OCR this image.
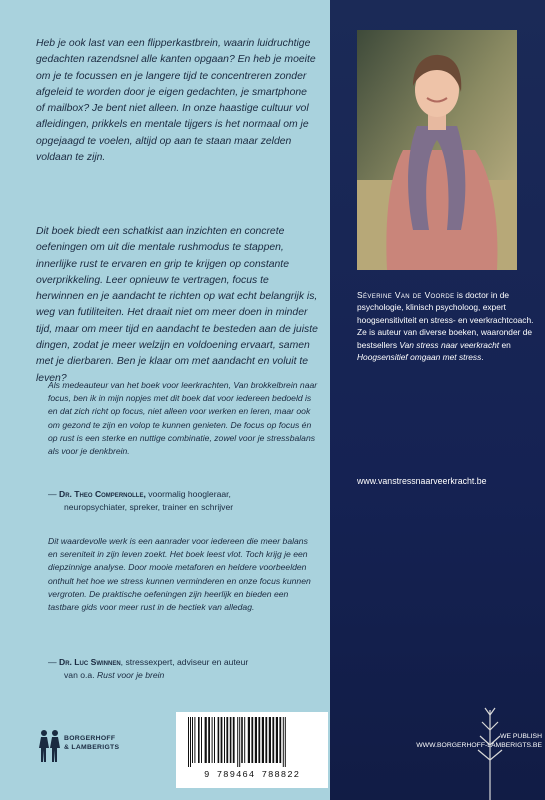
Heb je ook last van een flipperkastbrein, waarin luidruchtige gedachten razendsnel alle kanten opgaan? En heb je moeite om je te focussen en je langere tijd te concentreren zonder afgeleid te worden door je eigen gedachten, je smartphone of mailbox? Je bent niet alleen. In onze haastige cultuur vol afleidingen, prikkels en mentale tijgers is het normaal om je opgejaagd te voelen, altijd op aan te staan maar zelden voldaan te zijn.

Dit boek biedt een schatkist aan inzichten en concrete oefeningen om uit die mentale rushmodus te stappen, innerlijke rust te ervaren en grip te krijgen op constante overprikkeling. Leer opnieuw te vertragen, focus te herwinnen en je aandacht te richten op wat echt belangrijk is, weg van futiliteiten. Het draait niet om meer doen in minder tijd, maar om meer tijd en aandacht te besteden aan de juiste dingen, zodat je meer welzijn en voldoening ervaart, samen met je dierbaren. Ben je klaar om met aandacht en voluit te leven?

Als medeauteur van het boek voor leerkrachten, Van brokkelbrein naar focus, ben ik in mijn nopjes met dit boek dat voor iedereen bedoeld is en dat zich richt op focus, niet alleen voor werken en leren, maar ook om gezond te zijn en volop te kunnen genieten. De focus op focus én op rust is een sterke en nuttige combinatie, zowel voor je stressbalans als voor je denkbrein.

— Dr. Theo Compernolle, voormalig hoogleraar,
neuropsychiater, spreker, trainer en schrijver

Dit waardevolle werk is een aanrader voor iedereen die meer balans en sereniteit in zijn leven zoekt. Het boek leest vlot. Toch krijg je een diepzinnige analyse. Door mooie metaforen en heldere voorbeelden onthult het hoe we stress kunnen verminderen en onze focus kunnen vergroten. De praktische oefeningen zijn heerlijk en bieden een tastbare gids voor meer rust in de hectiek van alledag.

— Dr. Luc Swinnen, stressexpert, adviseur en auteur
van o.a. Rust voor je brein
BORGERHOFF
& LAMBERIGTS
9 789464 788822
Séverine Van de Voorde is doctor in de psychologie, klinisch psycholoog, expert hoogsensitiviteit en stress- en veerkrachtcoach.
Ze is auteur van diverse boeken, waaronder de bestsellers Van stress naar veerkracht en Hoogsensitief omgaan met stress.
www.vanstressnaarveerkracht.be
WE PUBLISH
WWW.BORGERHOFF-LAMBERIGTS.BE
